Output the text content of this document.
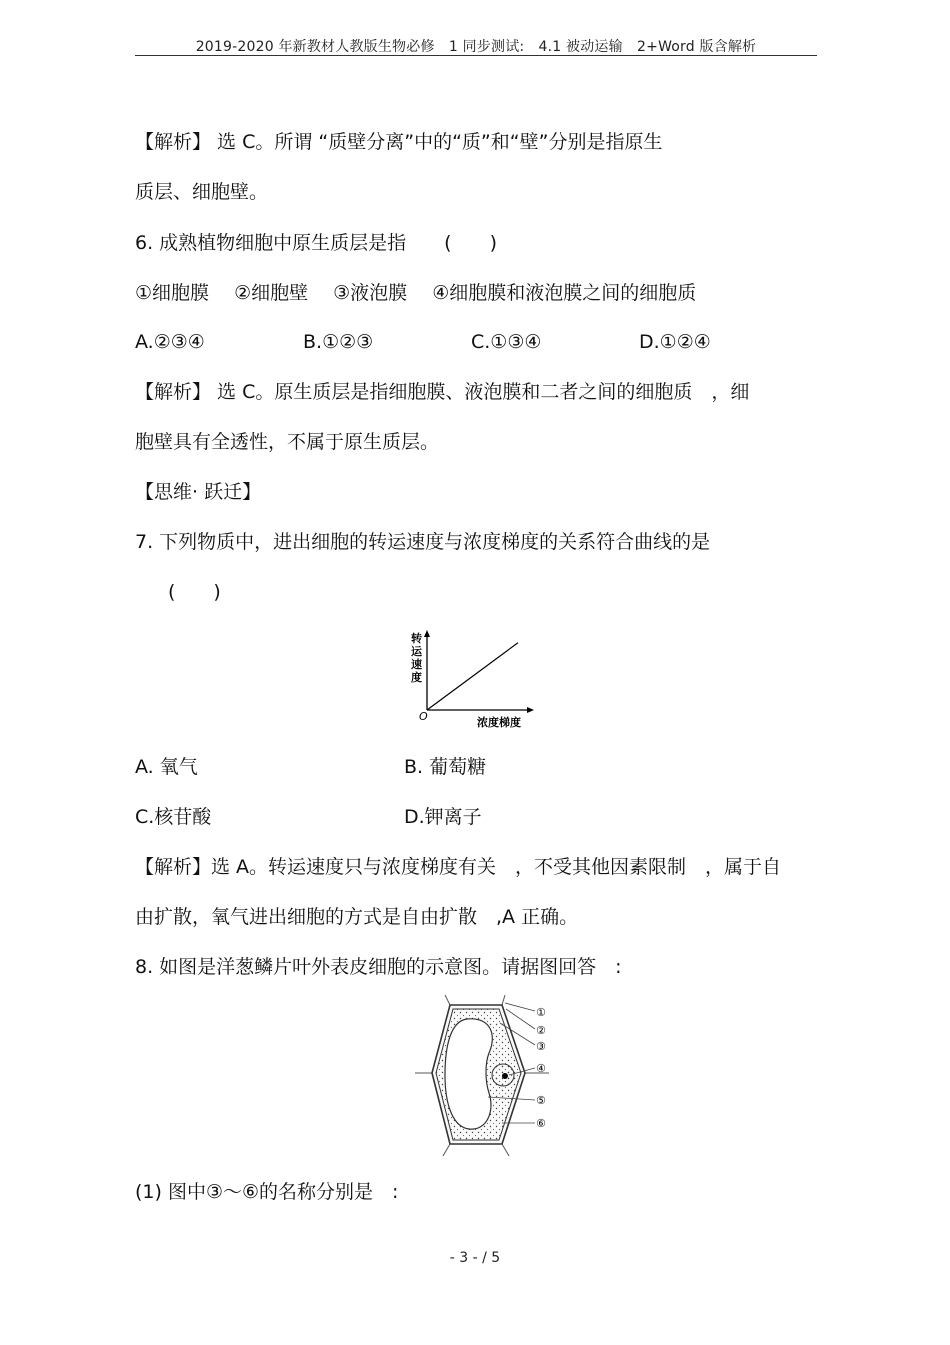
2019-2020 年新教材人教版生物必修　1 同步测试:　4.1 被动运输　2+Word 版含解析
【解析】 选 C。所谓 “质壁分离”中的“质”和“壁”分别是指原生
质层、细胞壁。
6. 成熟植物细胞中原生质层是指　　(　　)
①细胞膜　 ②细胞壁　 ③液泡膜　 ④细胞膜和液泡膜之间的细胞质
A.②③④	B.①②③	C.①③④	D.①②④
【解析】 选 C。原生质层是指细胞膜、液泡膜和二者之间的细胞质　，细
胞壁具有全透性，不属于原生质层。
【思维· 跃迁】
7. 下列物质中，进出细胞的转运速度与浓度梯度的关系符合曲线的是
(　　)
转
运
速
度
O	浓度梯度
A. 氧气	B. 葡萄糖
C.核苷酸	D.钾离子
【解析】选 A。转运速度只与浓度梯度有关　，不受其他因素限制　，属于自
由扩散，氧气进出细胞的方式是自由扩散　,A 正确。
8. 如图是洋葱鳞片叶外表皮细胞的示意图。请据图回答　:
①
②
③
④
⑤
⑥
(1) 图中③～⑥的名称分别是　:
- 3 - / 5
